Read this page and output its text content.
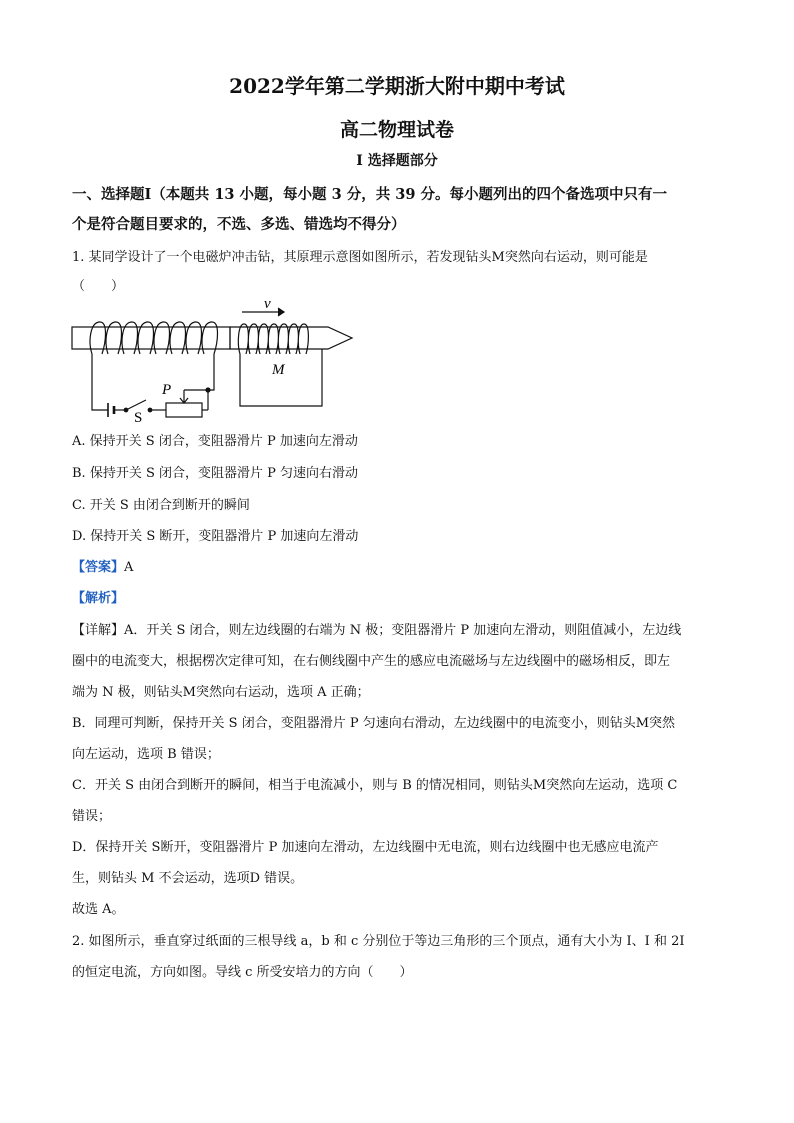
2022学年第二学期浙大附中期中考试
高二物理试卷
Ⅰ 选择题部分
一、选择题Ⅰ（本题共 13 小题，每小题 3 分，共 39 分。每小题列出的四个备选项中只有一
个是符合题目要求的，不选、多选、错选均不得分）
1. 某同学设计了一个电磁炉冲击钻，其原理示意图如图所示，若发现钻头M突然向右运动，则可能是
（　　）
v
P
S
M
A. 保持开关 S 闭合，变阻器滑片 P 加速向左滑动
B. 保持开关 S 闭合，变阻器滑片 P 匀速向右滑动
C. 开关 S 由闭合到断开的瞬间
D. 保持开关 S 断开，变阻器滑片 P 加速向左滑动
【答案】A
【解析】
【详解】A．开关 S 闭合，则左边线圈的右端为 N 极；变阻器滑片 P 加速向左滑动，则阻值减小，左边线
圈中的电流变大，根据楞次定律可知，在右侧线圈中产生的感应电流磁场与左边线圈中的磁场相反，即左
端为 N 极，则钻头M突然向右运动，选项 A 正确；
B．同理可判断，保持开关 S 闭合，变阻器滑片 P 匀速向右滑动，左边线圈中的电流变小，则钻头M突然
向左运动，选项 B 错误；
C．开关 S 由闭合到断开的瞬间，相当于电流减小，则与 B 的情况相同，则钻头M突然向左运动，选项 C
错误；
D．保持开关 S断开，变阻器滑片 P 加速向左滑动，左边线圈中无电流，则右边线圈中也无感应电流产
生，则钻头 M 不会运动，选项D 错误。
故选 A。
2. 如图所示，垂直穿过纸面的三根导线 a，b 和 c 分别位于等边三角形的三个顶点，通有大小为 I、I 和 2I
的恒定电流，方向如图。导线 c 所受安培力的方向（　　）
